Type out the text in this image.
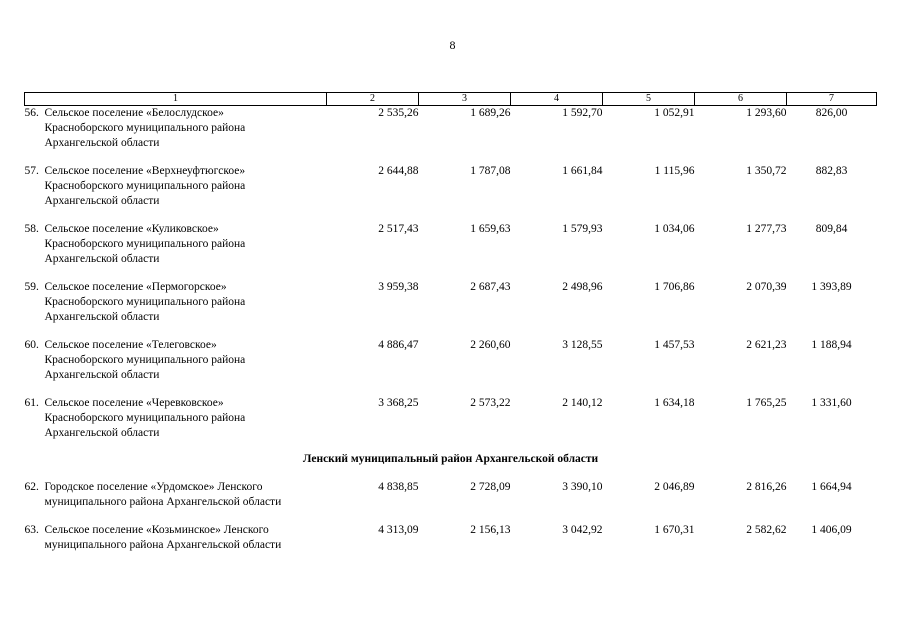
8
1	2	3	4	5	6	7

56. Сельское поселение «Белослудское»
Красноборского муниципального района
Архангельской области	2 535,26	1 689,26	1 592,70	1 052,91	1 293,60	826,00

57. Сельское поселение «Верхнеуфтюгское»
Красноборского муниципального района
Архангельской области	2 644,88	1 787,08	1 661,84	1 115,96	1 350,72	882,83

58. Сельское поселение «Куликовское»
Красноборского муниципального района
Архангельской области	2 517,43	1 659,63	1 579,93	1 034,06	1 277,73	809,84

59. Сельское поселение «Пермогорское»
Красноборского муниципального района
Архангельской области	3 959,38	2 687,43	2 498,96	1 706,86	2 070,39	1 393,89

60. Сельское поселение «Телеговское»
Красноборского муниципального района
Архангельской области	4 886,47	2 260,60	3 128,55	1 457,53	2 621,23	1 188,94

61. Сельское поселение «Черевковское»
Красноборского муниципального района
Архангельской области	3 368,25	2 573,22	2 140,12	1 634,18	1 765,25	1 331,60
Ленский муниципальный район Архангельской области						

62. Городское поселение «Урдомское» Ленского
муниципального района Архангельской области	4 838,85	2 728,09	3 390,10	2 046,89	2 816,26	1 664,94

63. Сельское поселение «Козьминское» Ленского
муниципального района Архангельской области	4 313,09	2 156,13	3 042,92	1 670,31	2 582,62	1 406,09
